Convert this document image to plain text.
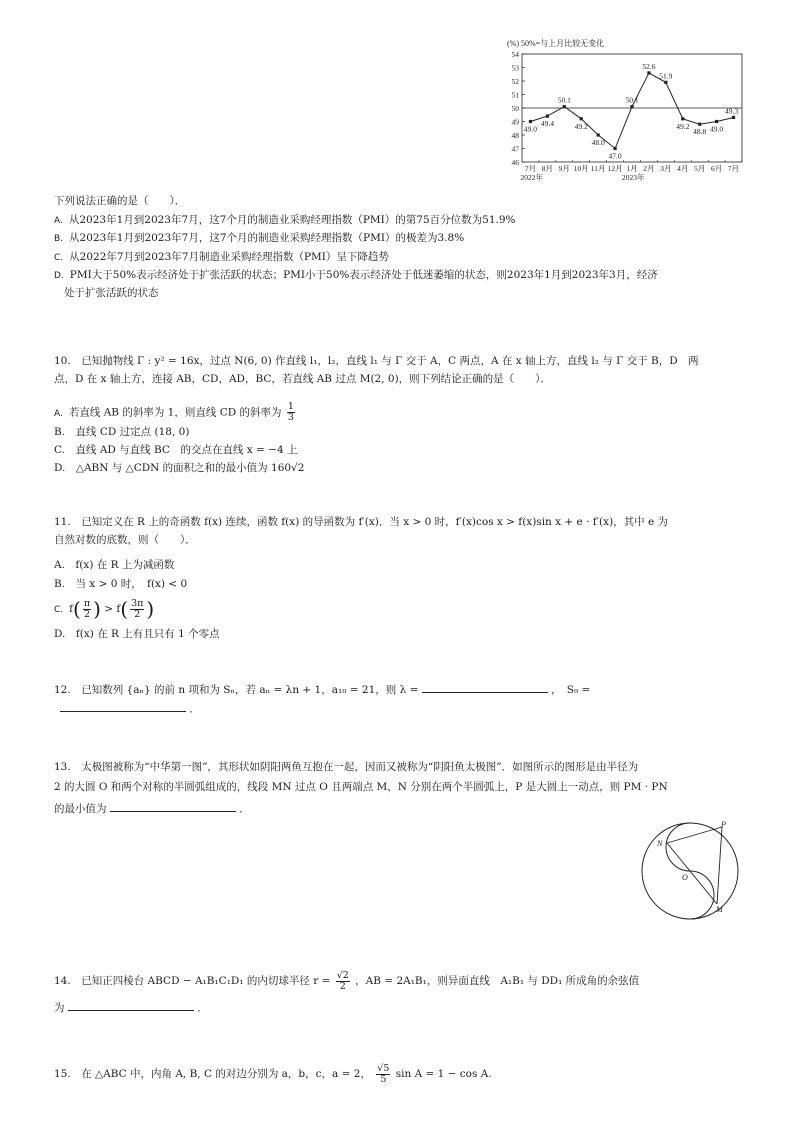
(%) 50%=与上月比较无变化
46
47
48
49
50
51
52
53
54
7月 8月 9月 10月 11月 12月 1月 2月 3月 4月 5月 6月 7月
2022年	2023年
49.0
49.4
50.1
49.2
48.0
47.0
50.1
52.6
51.9
49.2
48.8 49.0
49.3
下列说法正确的是（　　）．
A. 从2023年1月到2023年7月，这7个月的制造业采购经理指数（PMI）的第75百分位数为51.9%
B. 从2023年1月到2023年7月，这7个月的制造业采购经理指数（PMI）的极差为3.8%
C. 从2022年7月到2023年7月制造业采购经理指数（PMI）呈下降趋势
D. PMI大于50%表示经济处于扩张活跃的状态；PMI小于50%表示经济处于低迷萎缩的状态，则2023年1月到2023年3月，经济
处于扩张活跃的状态
10.　已知抛物线 Γ : y² = 16x，过点 N(6, 0) 作直线 l₁，l₂，直线 l₁ 与 Γ 交于 A，C 两点，A 在 x 轴上方，直线 l₂ 与 Γ 交于 B，D　两
点，D 在 x 轴上方，连接 AB，CD，AD，BC，若直线 AB 过点 M(2, 0)，则下列结论正确的是（　　）．
A. 若直线 AB 的斜率为 1，则直线 CD 的斜率为 $\frac{1}{3}$
B.　直线 CD 过定点 (18, 0)
C.　直线 AD 与直线 BC　的交点在直线 x = −4 上
D.　△ABN 与 △CDN 的面积之和的最小值为 160√2
11.　已知定义在 R 上的奇函数 f(x) 连续，函数 f(x) 的导函数为 f′(x)．当 x > 0 时，f′(x)cos x > f(x)sin x + e · f′(x)，其中 e 为
自然对数的底数，则（　　）．
A.　f(x) 在 R 上为减函数
B.　当 x > 0 时，　f(x) < 0
C. $f( \frac{\pi}{2}$ ) > $f( \frac{3\pi}{2}$ )
D.　f(x) 在 R 上有且只有 1 个零点
12.　已知数列 {aₙ} 的前 n 项和为 Sₙ，若 aₙ = λn + 1，a₁₀ = 21，则 λ =	，　S₉ =
．
13.　太极图被称为“中华第一图”，其形状如阴阳两鱼互抱在一起，因而又被称为“阴阳鱼太极图”．如图所示的图形是由半径为
2 的大圆 O 和两个对称的半圆弧组成的，线段 MN 过点 O 且两端点 M，N 分别在两个半圆弧上，P 是大圆上一动点，则 PM · PN
的最小值为	．
P
N
O
M
14.　已知正四棱台 ABCD − A₁B₁C₁D₁ 的内切球半径 $r = \frac{√2}{2}$ ，AB = 2A₁B₁，则异面直线　A₁B₁ 与 DD₁ 所成角的余弦值
为	．
15.　在 △ABC 中，内角 A, B, C 的对边分别为 a，b，c，a = 2， $\frac{√5}{5}$ sin A = 1 − cos A.
